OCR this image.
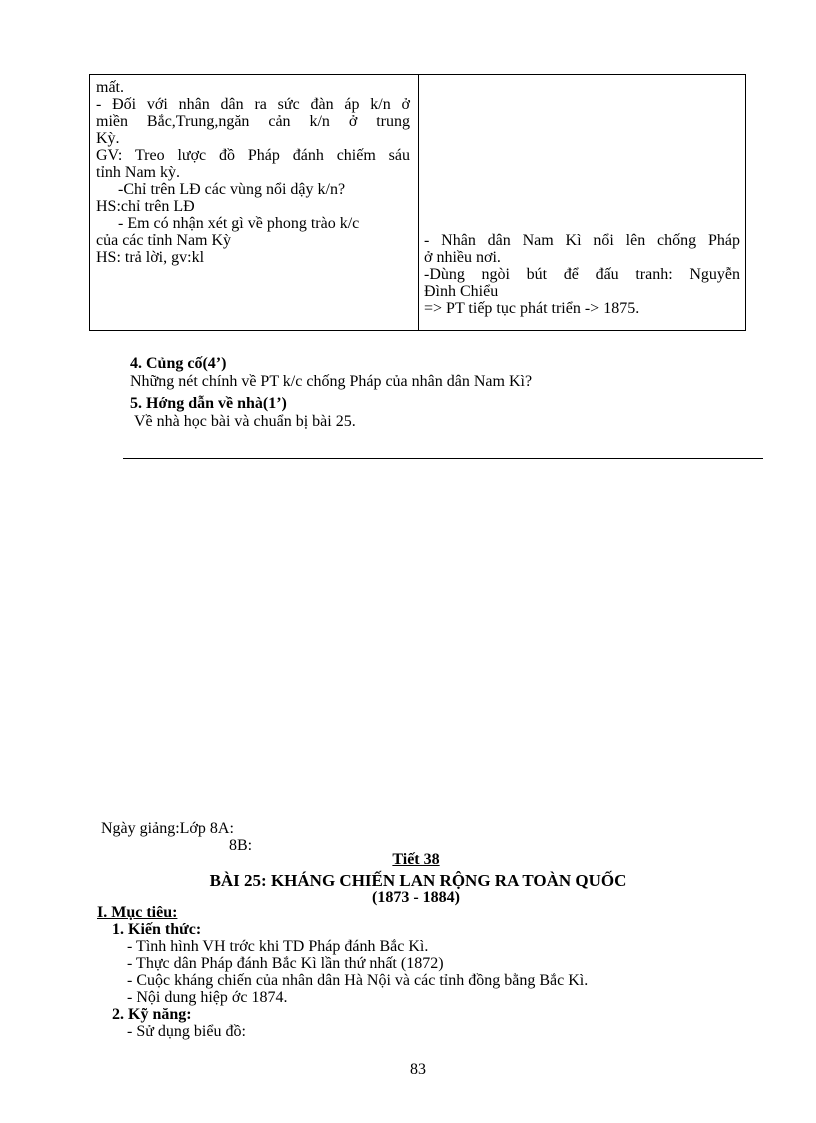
mất.
- Đối với nhân dân ra sức đàn áp k/n ở
miền Bắc,Trung,ngăn cản k/n ở trung
Kỳ.
GV: Treo lược đồ Pháp đánh chiếm sáu
tỉnh Nam kỳ.
-Chỉ trên LĐ các vùng nổi dậy k/n?
HS:chỉ trên LĐ
- Em có nhận xét gì về phong trào k/c
của các tỉnh Nam Kỳ
HS: trả lời, gv:kl
- Nhân dân Nam Kì nổi lên chống Pháp
ở nhiều nơi.
-Dùng ngòi bút để đấu tranh: Nguyễn
Đình Chiểu
=> PT tiếp tục phát triển -> 1875.
4. Củng cố(4’)
Những nét chính về PT k/c chống Pháp của nhân dân Nam Kì?
5. Hớng dẫn về nhà(1’)
Về nhà học bài và chuẩn bị bài 25.
Ngày giảng:Lớp 8A:
8B:
Tiết 38
BÀI 25: KHÁNG CHIẾN LAN RỘNG RA TOÀN QUỐC
(1873 - 1884)
I. Mục tiêu:
1. Kiến thức:
- Tình hình VH trớc khi TD Pháp đánh Bắc Kì.
- Thực dân Pháp đánh Bắc Kì lần thứ nhất (1872)
- Cuộc kháng chiến của nhân dân Hà Nội và các tỉnh đồng bằng Bắc Kì.
- Nội dung hiệp ớc 1874.
2. Kỹ năng:
- Sử dụng biểu đồ:
83
